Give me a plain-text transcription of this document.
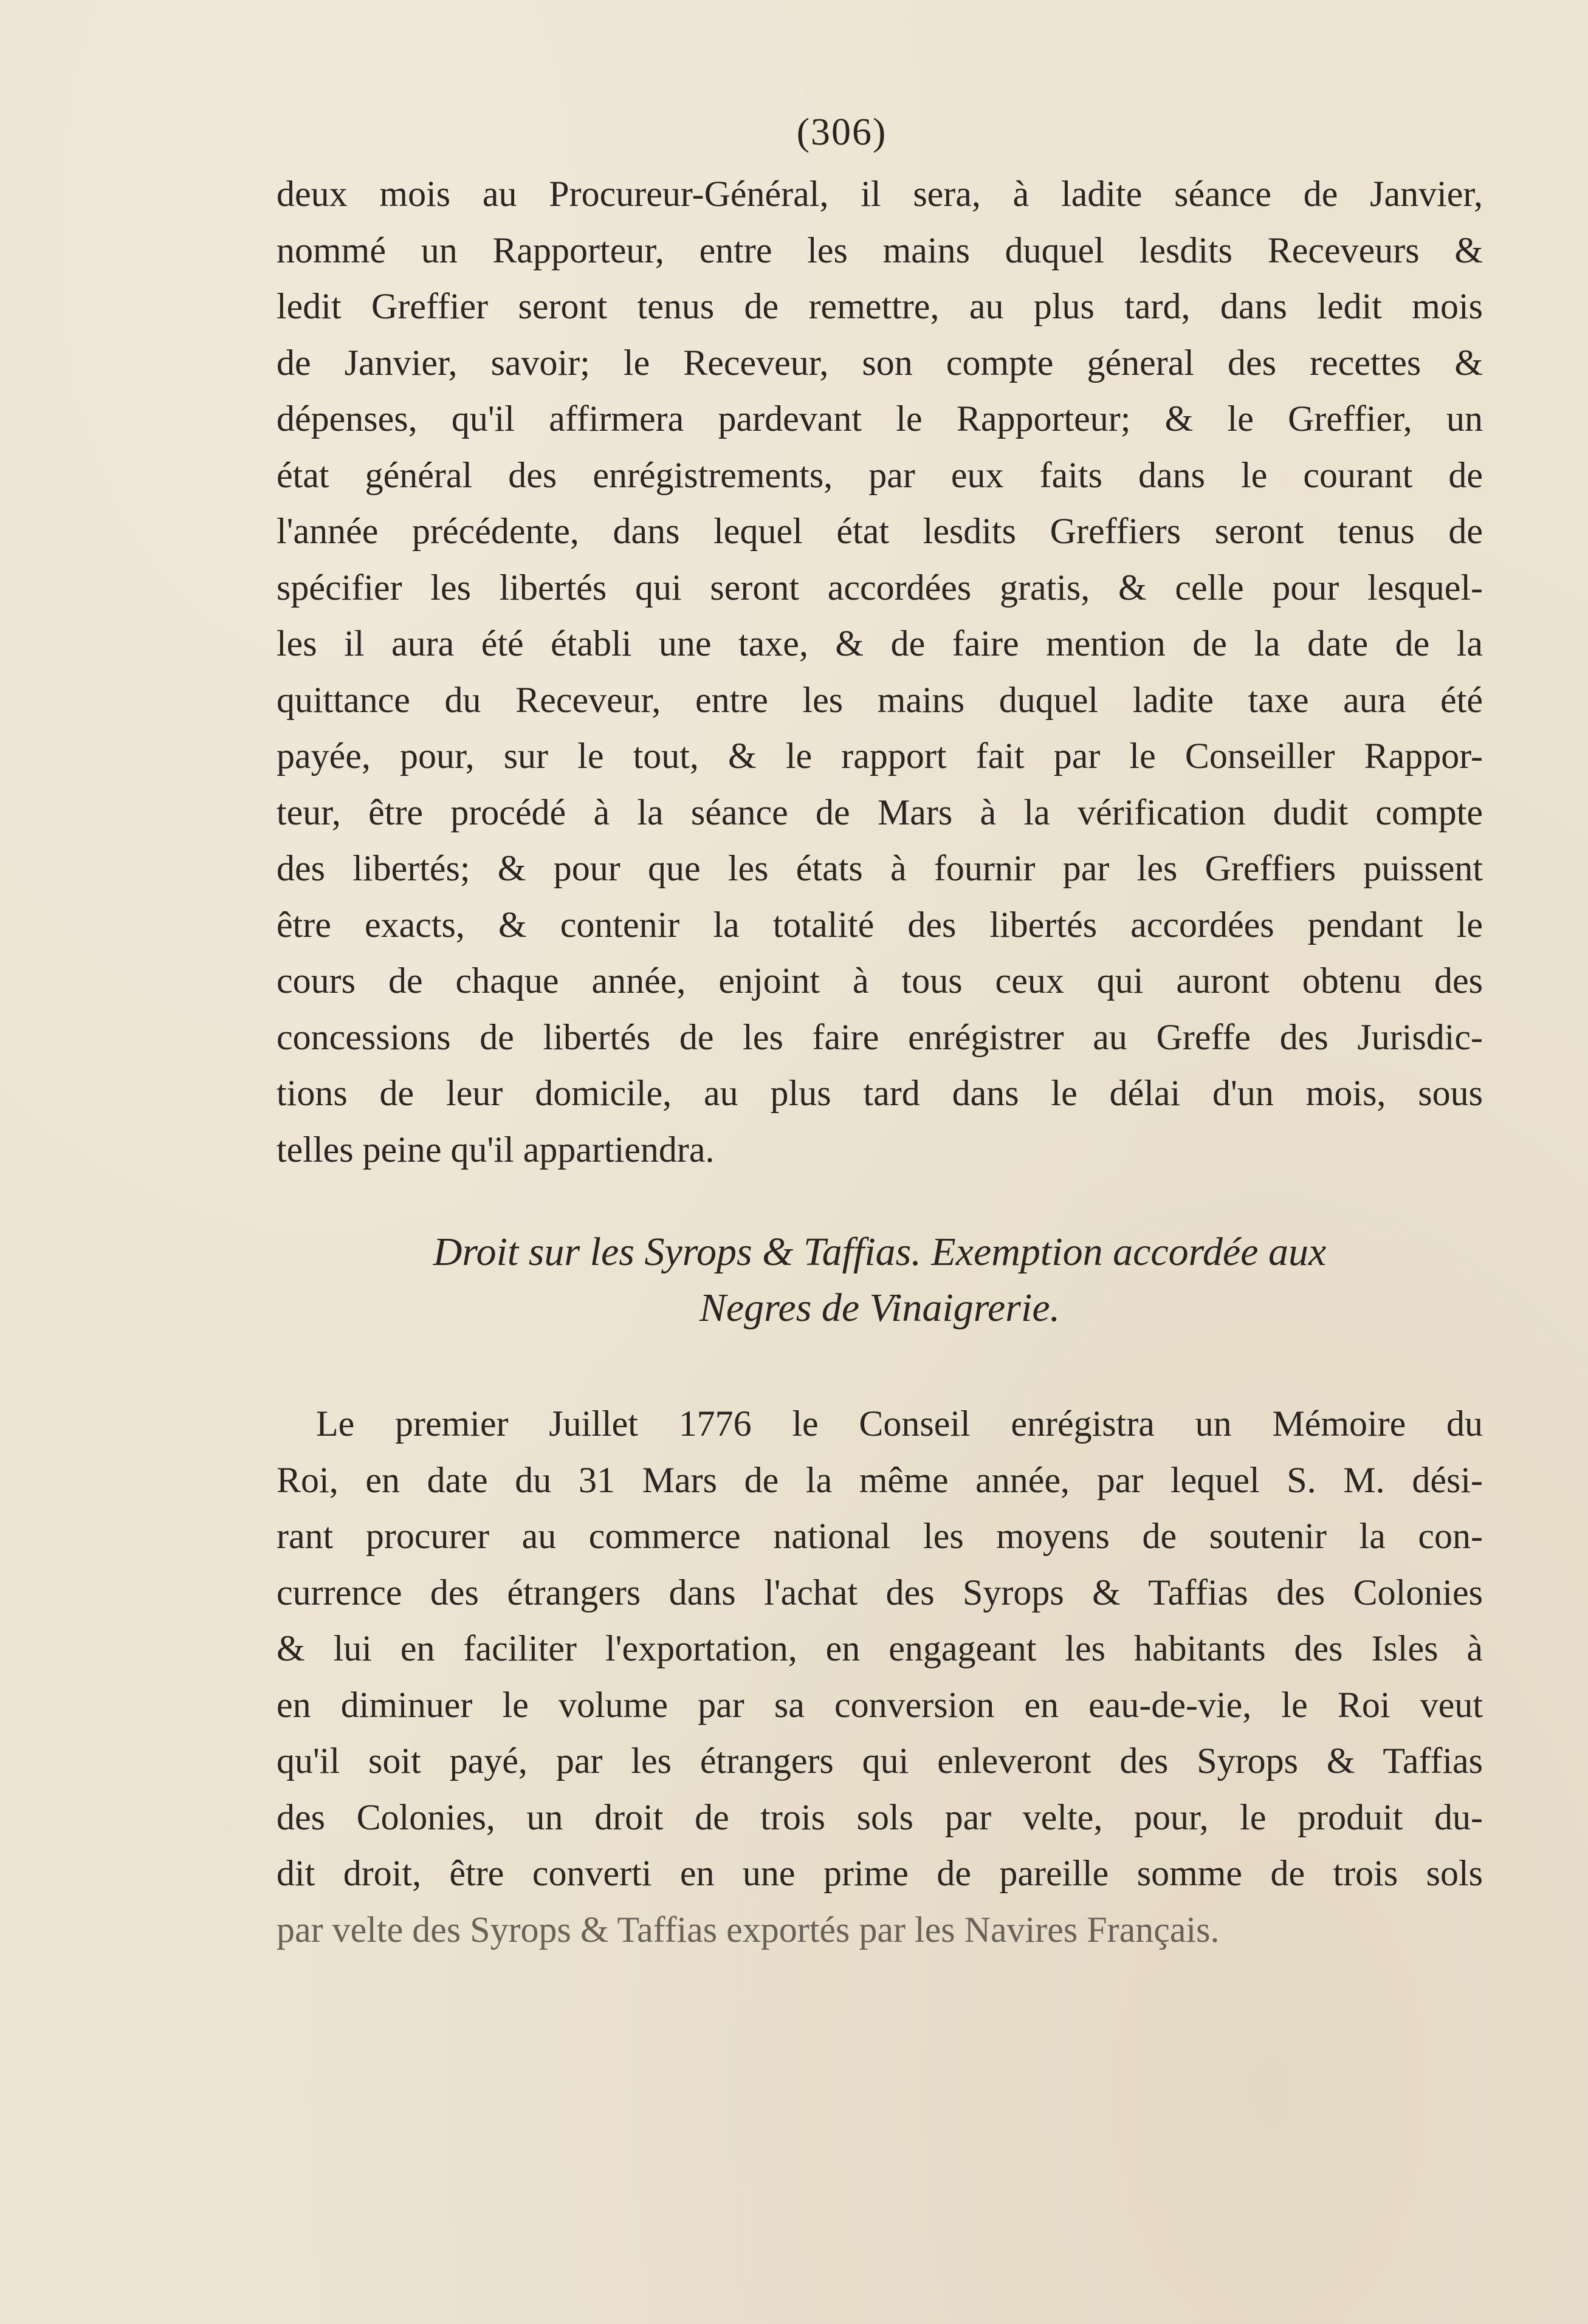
(306)
deux mois au Procureur-Général, il sera, à ladite séance de Janvier,
nommé un Rapporteur, entre les mains duquel lesdits Receveurs &
ledit Greffier seront tenus de remettre, au plus tard, dans ledit mois
de Janvier, savoir; le Receveur, son compte géneral des recettes &
dépenses, qu'il affirmera pardevant le Rapporteur; & le Greffier, un
état général des enrégistrements, par eux faits dans le courant de
l'année précédente, dans lequel état lesdits Greffiers seront tenus de
spécifier les libertés qui seront accordées gratis, & celle pour lesquel-
les il aura été établi une taxe, & de faire mention de la date de la
quittance du Receveur, entre les mains duquel ladite taxe aura été
payée, pour, sur le tout, & le rapport fait par le Conseiller Rappor-
teur, être procédé à la séance de Mars à la vérification dudit compte
des libertés; & pour que les états à fournir par les Greffiers puissent
être exacts, & contenir la totalité des libertés accordées pendant le
cours de chaque année, enjoint à tous ceux qui auront obtenu des
concessions de libertés de les faire enrégistrer au Greffe des Jurisdic-
tions de leur domicile, au plus tard dans le délai d'un mois, sous
telles peine qu'il appartiendra.
Droit sur les Syrops & Taffias. Exemption accordée aux
Negres de Vinaigrerie.
Le premier Juillet 1776 le Conseil enrégistra un Mémoire du
Roi, en date du 31 Mars de la même année, par lequel S. M. dési-
rant procurer au commerce national les moyens de soutenir la con-
currence des étrangers dans l'achat des Syrops & Taffias des Colonies
& lui en faciliter l'exportation, en engageant les habitants des Isles à
en diminuer le volume par sa conversion en eau-de-vie, le Roi veut
qu'il soit payé, par les étrangers qui enleveront des Syrops & Taffias
des Colonies, un droit de trois sols par velte, pour, le produit du-
dit droit, être converti en une prime de pareille somme de trois sols
par velte des Syrops & Taffias exportés par les Navires Français.
